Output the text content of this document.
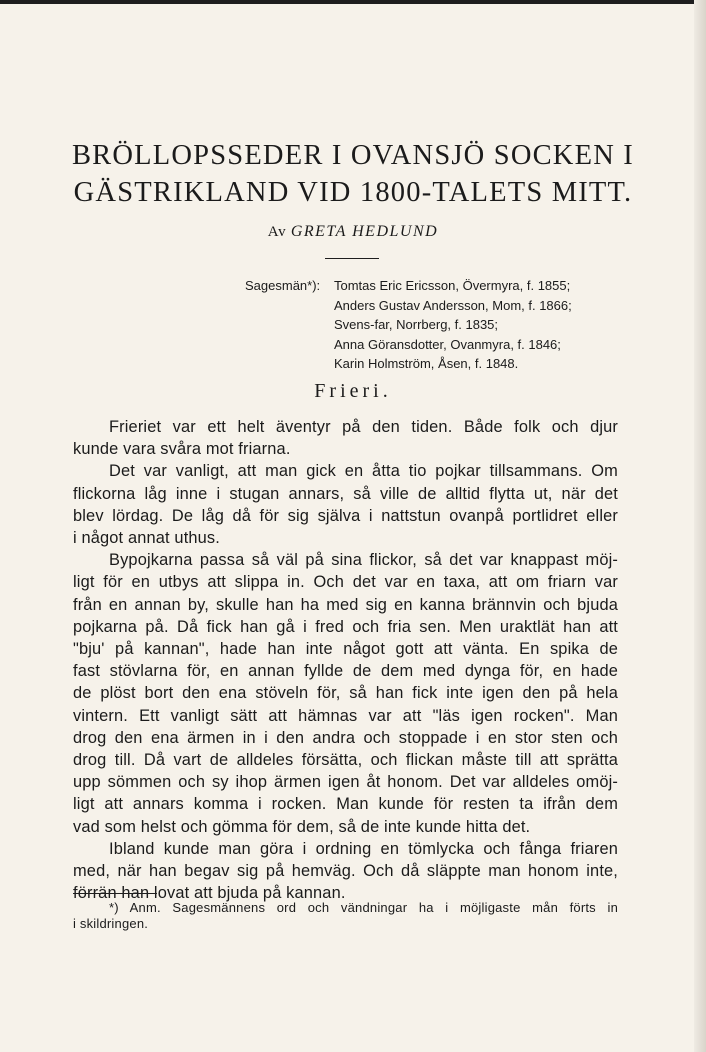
BRÖLLOPSSEDER I OVANSJÖ SOCKEN I
GÄSTRIKLAND VID 1800-TALETS MITT.
Av GRETA HEDLUND
Sagesmän*): Tomtas Eric Ericsson, Övermyra, f. 1855;
Anders Gustav Andersson, Mom, f. 1866;
Svens-far, Norrberg, f. 1835;
Anna Göransdotter, Ovanmyra, f. 1846;
Karin Holmström, Åsen, f. 1848.
Frieri.

Frieriet var ett helt äventyr på den tiden. Både folk och djur
kunde vara svåra mot friarna.

Det var vanligt, att man gick en åtta tio pojkar tillsammans. Om
flickorna låg inne i stugan annars, så ville de alltid flytta ut, när det
blev lördag. De låg då för sig själva i nattstun ovanpå portlidret eller
i något annat uthus.

Bypojkarna passa så väl på sina flickor, så det var knappast möj-
ligt för en utbys att slippa in. Och det var en taxa, att om friarn var
från en annan by, skulle han ha med sig en kanna brännvin och bjuda
pojkarna på. Då fick han gå i fred och fria sen. Men uraktlät han att
"bju' på kannan", hade han inte något gott att vänta. En spika de
fast stövlarna för, en annan fyllde de dem med dynga för, en hade
de plöst bort den ena stöveln för, så han fick inte igen den på hela
vintern. Ett vanligt sätt att hämnas var att "läs igen rocken". Man
drog den ena ärmen in i den andra och stoppade i en stor sten och
drog till. Då vart de alldeles försätta, och flickan måste till att sprätta
upp sömmen och sy ihop ärmen igen åt honom. Det var alldeles omöj-
ligt att annars komma i rocken. Man kunde för resten ta ifrån dem
vad som helst och gömma för dem, så de inte kunde hitta det.

Ibland kunde man göra i ordning en tömlycka och fånga friaren
med, när han begav sig på hemväg. Och då släppte man honom inte,
förrän han lovat att bjuda på kannan.

*) Anm. Sagesmännens ord och vändningar ha i möjligaste mån förts in
i skildringen.
